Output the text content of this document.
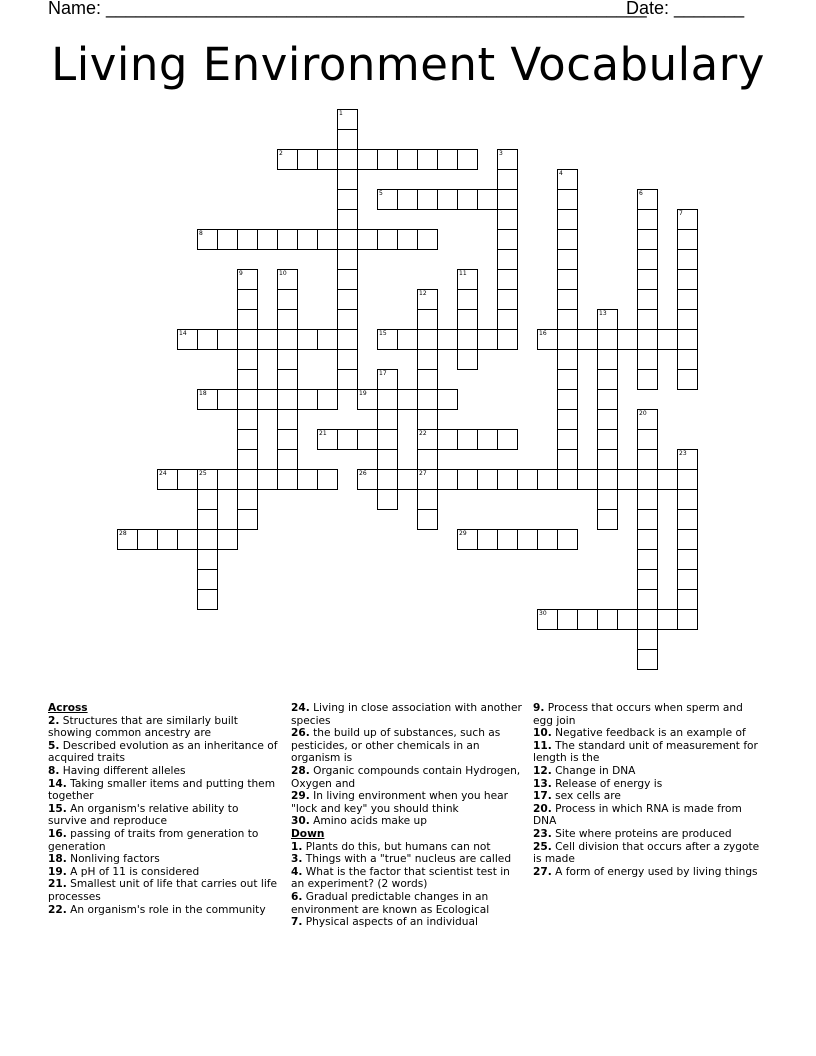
Name: ______________________________________________________
Date: _______
Living Environment Vocabulary
1
2	3
5
4
6
7
8
9	10	11
12
13
14	15	16
17
18	19
20
21	22
23
24	25	26	27
28	29
30
Across
2. Structures that are similarly built showing common ancestry are
5. Described evolution as an inheritance of acquired traits
8. Having different alleles
14. Taking smaller items and putting them together
15. An organism's relative ability to survive and reproduce
16. passing of traits from generation to generation
18. Nonliving factors
19. A pH of 11 is considered
21. Smallest unit of life that carries out life processes
22. An organism's role in the community
24. Living in close association with another species
26. the build up of substances, such as pesticides, or other chemicals in an organism is
28. Organic compounds contain Hydrogen, Oxygen and
29. In living environment when you hear "lock and key" you should think
30. Amino acids make up
Down
1. Plants do this, but humans can not
3. Things with a "true" nucleus are called
4. What is the factor that scientist test in an experiment? (2 words)
6. Gradual predictable changes in an environment are known as Ecological
7. Physical aspects of an individual
9. Process that occurs when sperm and egg join
10. Negative feedback is an example of
11. The standard unit of measurement for length is the
12. Change in DNA
13. Release of energy is
17. sex cells are
20. Process in which RNA is made from DNA
23. Site where proteins are produced
25. Cell division that occurs after a zygote is made
27. A form of energy used by living things
